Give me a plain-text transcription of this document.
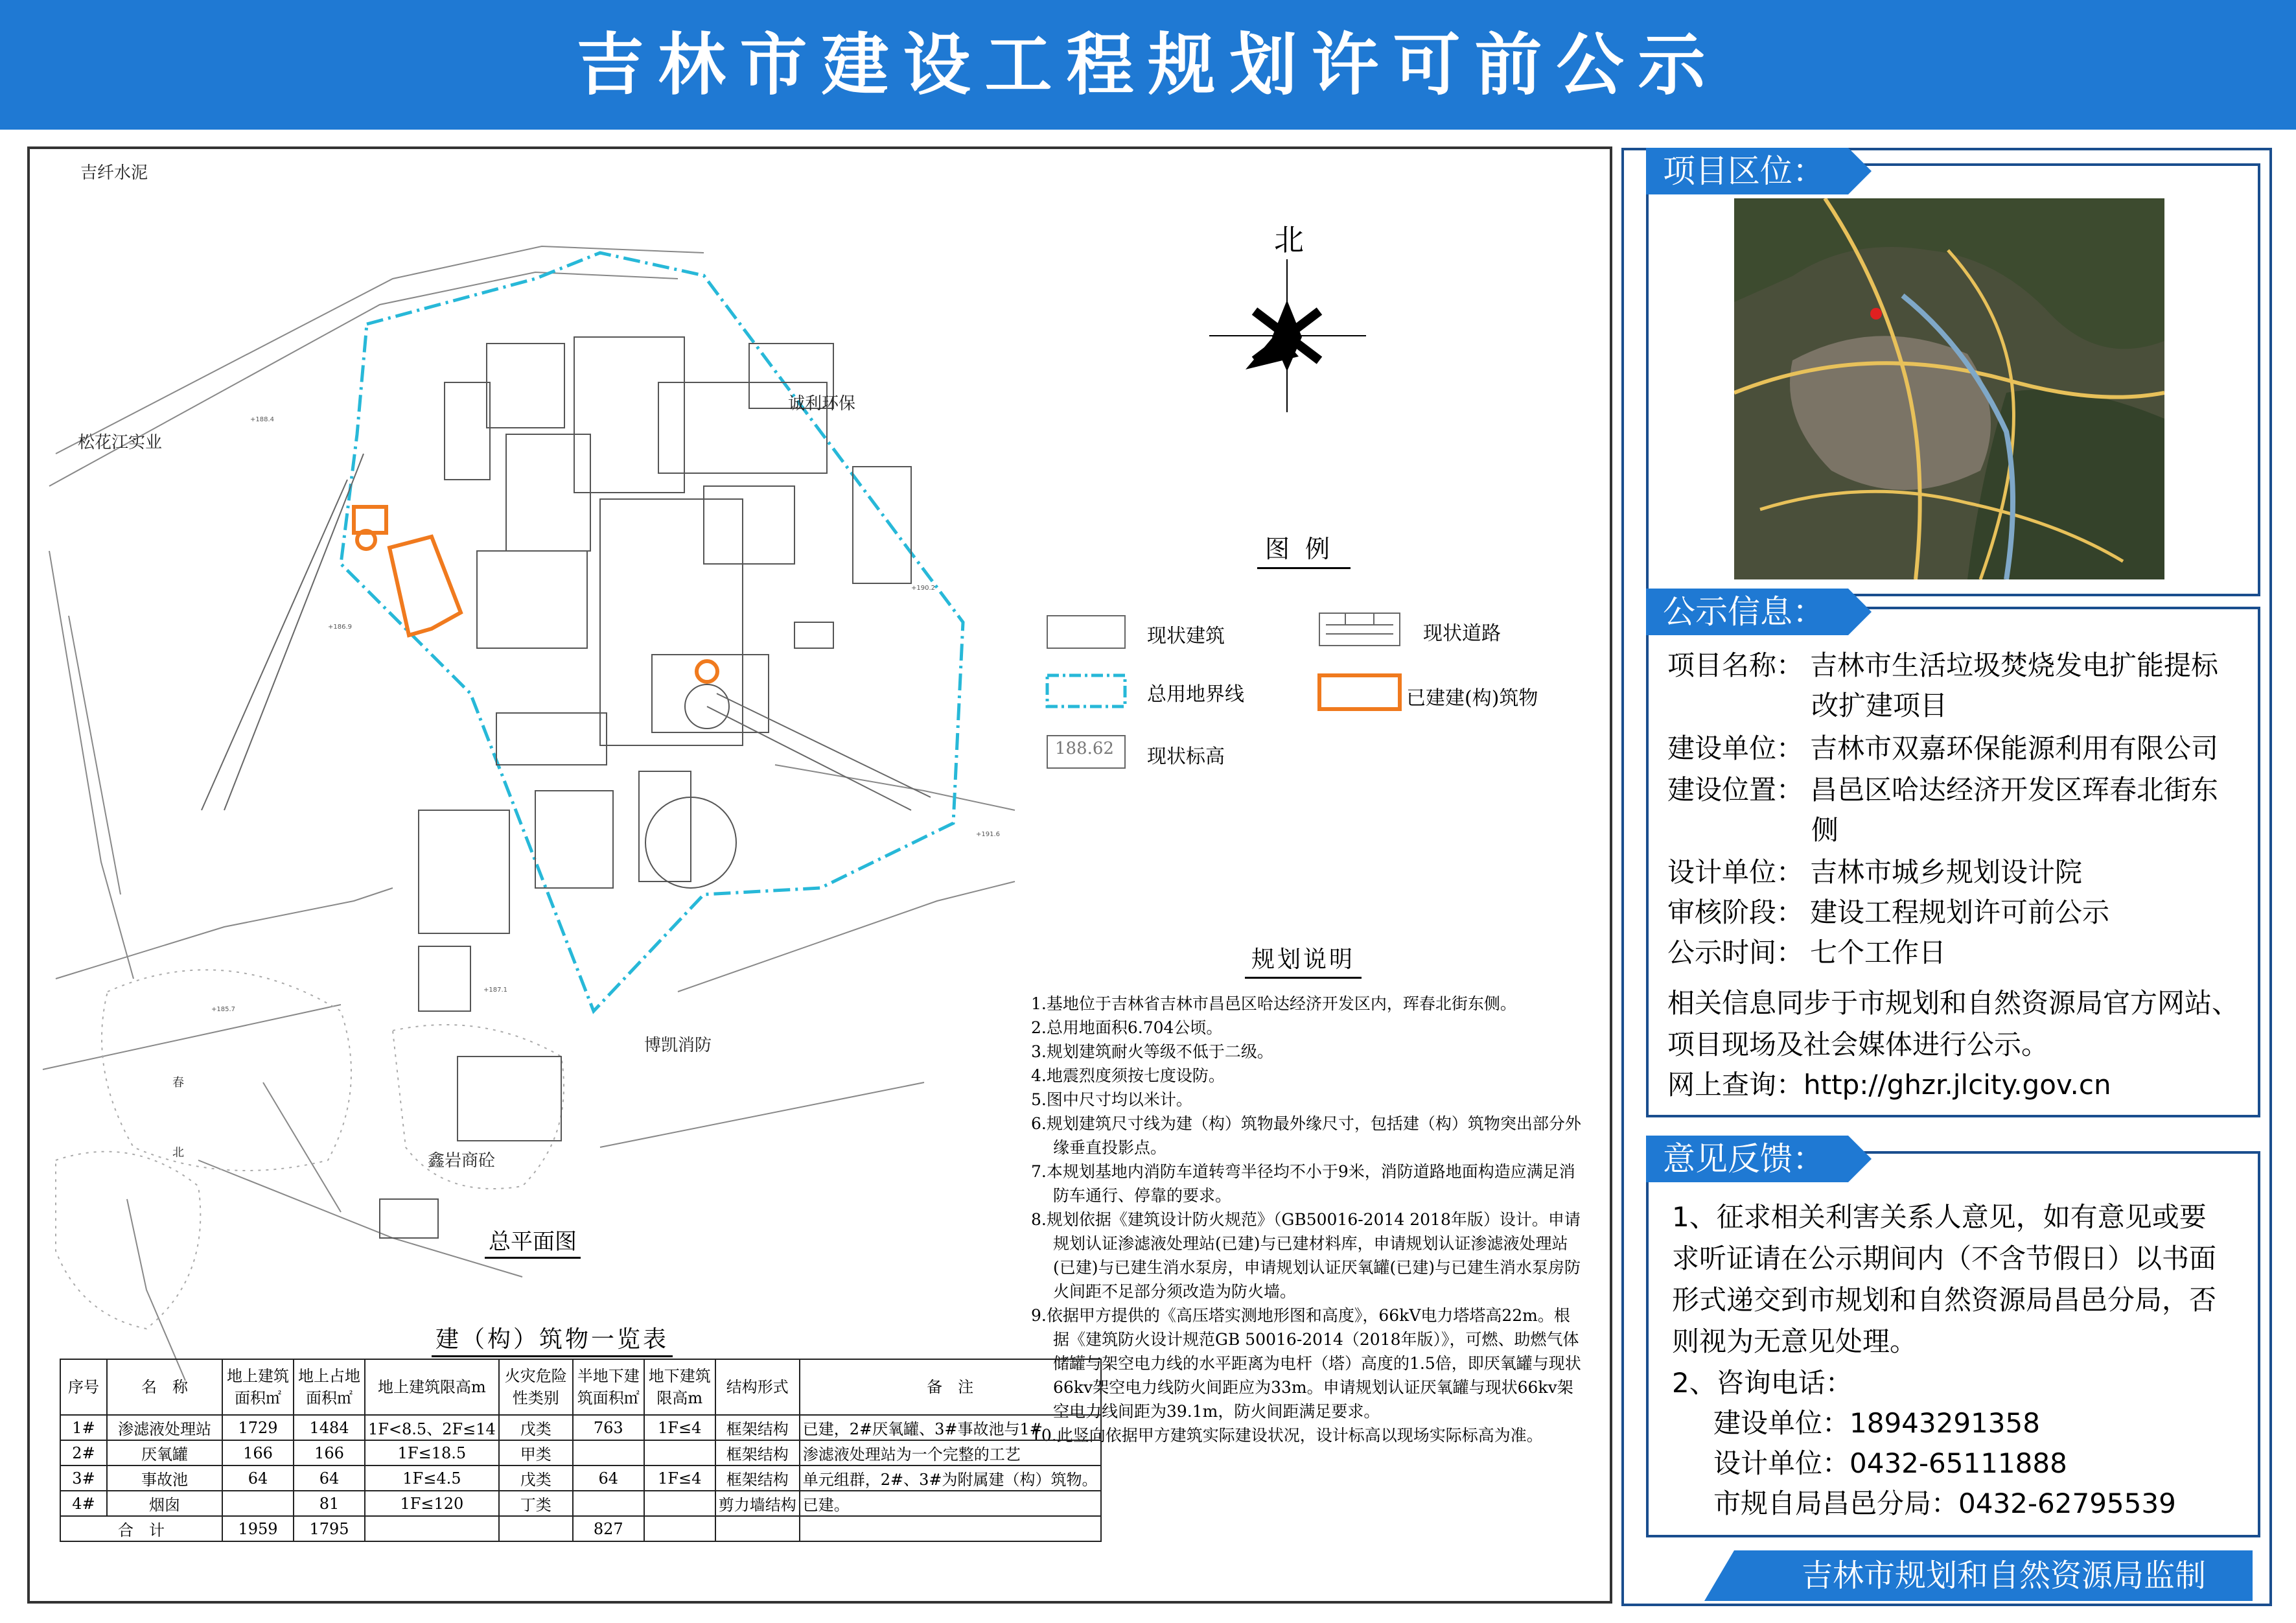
吉林市建设工程规划许可前公示
+188.4
+186.9
+190.2
+191.6
+185.7
+187.1
吉纤水泥
松花江实业
诚利环保
博凯消防
鑫岩商砼
春
北
北
图例
现状建筑	现状道路
总用地界线	已建建(构)筑物
188.62 现状标高
规划说明

1.基地位于吉林省吉林市昌邑区哈达经济开发区内，珲春北街东侧。

2.总用地面积6.704公顷。

3.规划建筑耐火等级不低于二级。

4.地震烈度须按七度设防。

5.图中尺寸均以米计。

6.规划建筑尺寸线为建（构）筑物最外缘尺寸，包括建（构）筑物突出部分外缘垂直投影点。

7.本规划基地内消防车道转弯半径均不小于9米，消防道路地面构造应满足消防车通行、停靠的要求。

8.规划依据《建筑设计防火规范》（GB50016-2014 2018年版）设计。申请规划认证渗滤液处理站(已建)与已建材料库，申请规划认证渗滤液处理站(已建)与已建生消水泵房，申请规划认证厌氧罐(已建)与已建生消水泵房防火间距不足部分须改造为防火墙。

9.依据甲方提供的《高压塔实测地形图和高度》，66kV电力塔塔高22m。根据《建筑防火设计规范GB 50016-2014（2018年版）》，可燃、助燃气体储罐与架空电力线的水平距离为电杆（塔）高度的1.5倍，即厌氧罐与现状66kv架空电力线防火间距应为33m。申请规划认证厌氧罐与现状66kv架空电力线间距为39.1m，防火间距满足要求。

10.此竖向依据甲方建筑实际建设状况，设计标高以现场实际标高为准。

总平面图
建（构）筑物一览表
序号	名　称	地上建筑面积㎡	地上占地面积㎡	地上建筑限高m	火灾危险性类别	半地下建筑面积㎡	地下建筑限高m	结构形式	备　注
1#	渗滤液处理站	1729	1484	1F<8.5、2F≤14	戊类	763	1F≤4	框架结构	已建，2#厌氧罐、3#事故池与1#
2#	厌氧罐	166	166	1F≤18.5	甲类			框架结构	渗滤液处理站为一个完整的工艺
3#	事故池	64	64	1F≤4.5	戊类	64	1F≤4	框架结构	单元组群，2#、3#为附属建（构）筑物。
4#	烟囱		81	1F≤120	丁类			剪力墙结构	已建。
合　计		1959	1795			827			
项目区位：
公示信息：
项目名称： 吉林市生活垃圾焚烧发电扩能提标
改扩建项目
建设单位： 吉林市双嘉环保能源利用有限公司
建设位置： 昌邑区哈达经济开发区珲春北街东
侧
设计单位： 吉林市城乡规划设计院
审核阶段： 建设工程规划许可前公示
公示时间： 七个工作日
相关信息同步于市规划和自然资源局官方网站、
项目现场及社会媒体进行公示。
网上查询：http://ghzr.jlcity.gov.cn
意见反馈：
1、征求相关利害关系人意见，如有意见或要
求听证请在公示期间内（不含节假日）以书面
形式递交到市规划和自然资源局昌邑分局，否
则视为无意见处理。
2、咨询电话：
建设单位：18943291358
设计单位：0432-65111888
市规自局昌邑分局：0432-62795539
吉林市规划和自然资源局监制
